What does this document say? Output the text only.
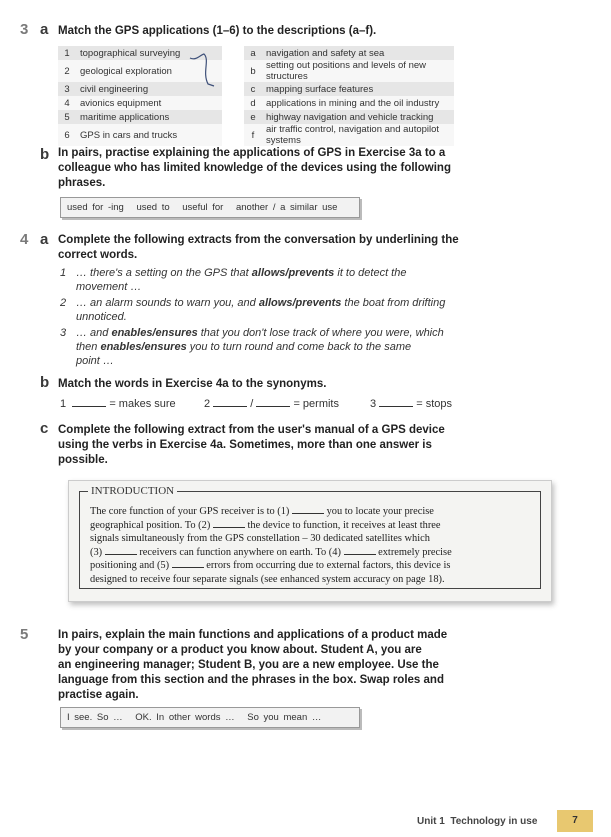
3 a Match the GPS applications (1–6) to the descriptions (a–f).
1	topographical surveying		a	navigation and safety at sea
2	geological exploration		b	setting out positions and levels of new structures
3	civil engineering		c	mapping surface features
4	avionics equipment		d	applications in mining and the oil industry
5	maritime applications		e	highway navigation and vehicle tracking
6	GPS in cars and trucks		f	air traffic control, navigation and autopilot systems
b In pairs, practise explaining the applications of GPS in Exercise 3a to a
colleague who has limited knowledge of the devices using the following
phrases.
used for -ing used to useful for another / a similar use
4 a Complete the following extracts from the conversation by underlining the
correct words.
1 … there's a setting on the GPS that allows/prevents it to detect the
movement …
2 … an alarm sounds to warn you, and allows/prevents the boat from drifting
unnoticed.
3 … and enables/ensures that you don't lose track of where you were, which
then enables/ensures you to turn round and come back to the same
point …
b Match the words in Exercise 4a to the synonyms.
1	= makes sure	2	/	= permits	3	= stops
c Complete the following extract from the user's manual of a GPS device
using the verbs in Exercise 4a. Sometimes, more than one answer is
possible.
INTRODUCTION
The core function of your GPS receiver is to (1)	you to locate your precise
geographical position. To (2)	the device to function, it receives at least three
signals simultaneously from the GPS constellation – 30 dedicated satellites which
(3)	receivers can function anywhere on earth. To (4)	extremely precise
positioning and (5)	errors from occurring due to external factors, this device is
designed to receive four separate signals (see enhanced system accuracy on page 18).
5	In pairs, explain the main functions and applications of a product made
by your company or a product you know about. Student A, you are
an engineering manager; Student B, you are a new employee. Use the
language from this section and the phrases in the box. Swap roles and
practise again.
I see. So … OK. In other words … So you mean …
Unit 1 Technology in use	7
